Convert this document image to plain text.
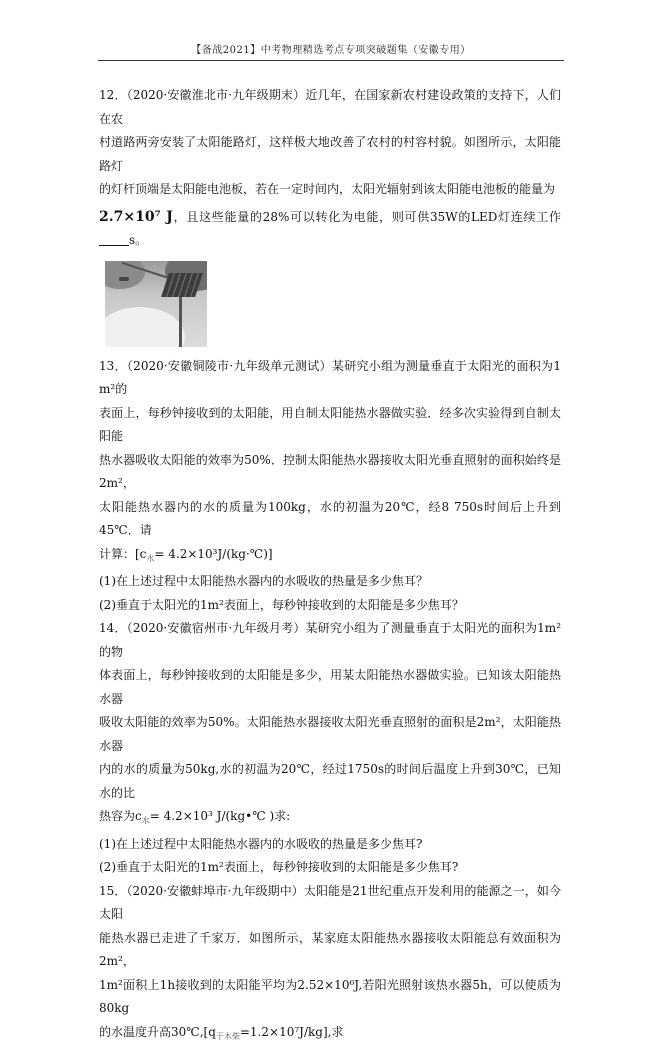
【备战2021】中考物理精选考点专项突破题集（安徽专用）

12．（2020·安徽淮北市·九年级期末）近几年，在国家新农村建设政策的支持下，人们在农
村道路两旁安装了太阳能路灯，这样极大地改善了农村的村容村貌。如图所示，太阳能路灯
的灯杆顶端是太阳能电池板，若在一定时间内，太阳光辐射到该太阳能电池板的能量为
2.7×10⁷ J，且这些能量的28%可以转化为电能，则可供35W的LED灯连续工作s。

13．（2020·安徽铜陵市·九年级单元测试）某研究小组为测量垂直于太阳光的面积为1 m²的
表面上，每秒钟接收到的太阳能，用自制太阳能热水器做实验．经多次实验得到自制太阳能
热水器吸收太阳能的效率为50%．控制太阳能热水器接收太阳光垂直照射的面积始终是2m²，
太阳能热水器内的水的质量为100kg，水的初温为20℃，经8 750s时间后上升到45℃．请
计算：[$c_水=$ 4.2×10³J/(kg·℃)]
(1)在上述过程中太阳能热水器内的水吸收的热量是多少焦耳？
(2)垂直于太阳光的1m²表面上，每秒钟接收到的太阳能是多少焦耳？

14．（2020·安徽宿州市·九年级月考）某研究小组为了测量垂直于太阳光的面积为1m²的物
体表面上，每秒钟接收到的太阳能是多少，用某太阳能热水器做实验。已知该太阳能热水器
吸收太阳能的效率为50%。太阳能热水器接收太阳光垂直照射的面积是2m²，太阳能热水器
内的水的质量为50kg,水的初温为20℃，经过1750s的时间后温度上升到30℃，已知水的比
热容为$c_水= 4.2\times 10^3$ J/(kg•℃ )求:
(1)在上述过程中太阳能热水器内的水吸收的热量是多少焦耳?
(2)垂直于太阳光的1m²表面上，每秒钟接收到的太阳能是多少焦耳?

15．（2020·安徽蚌埠市·九年级期中）太阳能是21世纪重点开发利用的能源之一，如今太阳
能热水器已走进了千家万．如图所示，某家庭太阳能热水器接收太阳能总有效面积为2m²，
1m²面积上1h接收到的太阳能平均为2.52×10⁶J,若阳光照射该热水器5h，可以使质为80kg
的水温度升高$30℃,[q_{干木柴}=1.2\times 10^7J/kg]$,求
